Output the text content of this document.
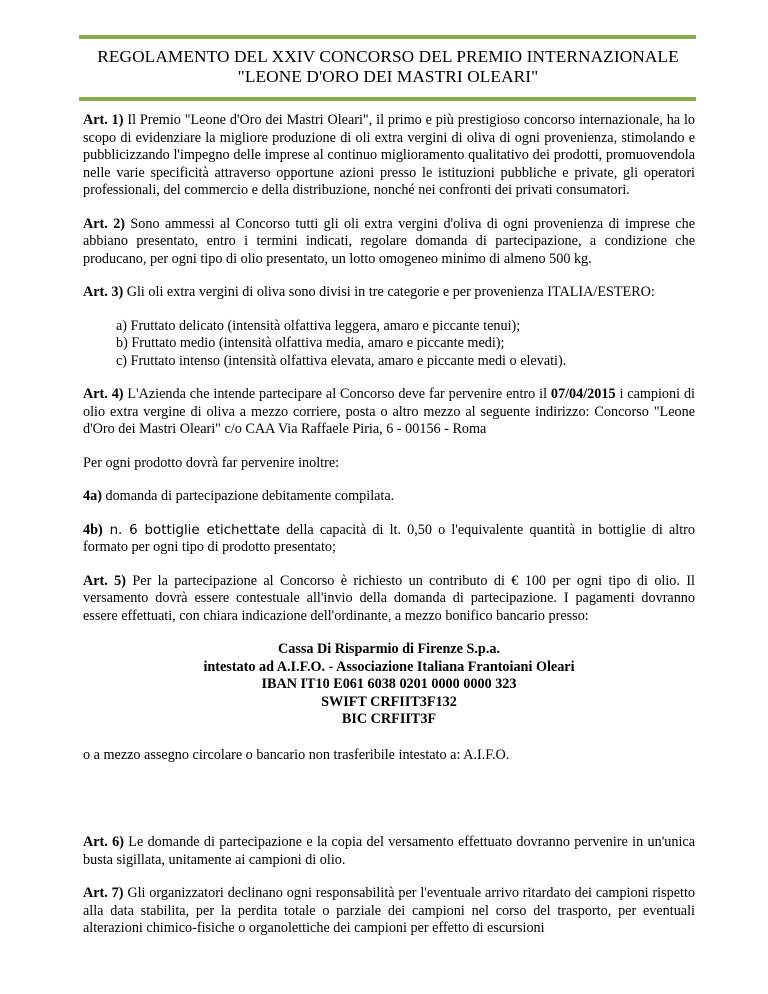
REGOLAMENTO DEL XXIV CONCORSO DEL PREMIO INTERNAZIONALE
"LEONE D'ORO DEI MASTRI OLEARI"

Art. 1) Il Premio "Leone d'Oro dei Mastri Oleari", il primo e più prestigioso concorso internazionale, ha lo scopo di evidenziare la migliore produzione di oli extra vergini di oliva di ogni provenienza, stimolando e pubblicizzando l'impegno delle imprese al continuo miglioramento qualitativo dei prodotti, promuovendola nelle varie specificità attraverso opportune azioni presso le istituzioni pubbliche e private, gli operatori professionali, del commercio e della distribuzione, nonché nei confronti dei privati consumatori.

Art. 2) Sono ammessi al Concorso tutti gli oli extra vergini d'oliva di ogni provenienza di imprese che abbiano presentato, entro i termini indicati, regolare domanda di partecipazione, a condizione che producano, per ogni tipo di olio presentato, un lotto omogeneo minimo di almeno 500 kg.

Art. 3) Gli oli extra vergini di oliva sono divisi in tre categorie e per provenienza ITALIA/ESTERO:

a) Fruttato delicato (intensità olfattiva leggera, amaro e piccante tenui);
b) Fruttato medio (intensità olfattiva media, amaro e piccante medi);
c) Fruttato intenso (intensità olfattiva elevata, amaro e piccante medi o elevati).

Art. 4) L'Azienda che intende partecipare al Concorso deve far pervenire entro il 07/04/2015 i campioni di olio extra vergine di oliva a mezzo corriere, posta o altro mezzo al seguente indirizzo: Concorso "Leone d'Oro dei Mastri Oleari" c/o CAA Via Raffaele Piria, 6 - 00156 - Roma

Per ogni prodotto dovrà far pervenire inoltre:

4a) domanda di partecipazione debitamente compilata.

4b) n. 6 bottiglie etichettate della capacità di lt. 0,50 o l'equivalente quantità in bottiglie di altro formato per ogni tipo di prodotto presentato;

Art. 5) Per la partecipazione al Concorso è richiesto un contributo di € 100 per ogni tipo di olio. Il versamento dovrà essere contestuale all'invio della domanda di partecipazione. I pagamenti dovranno essere effettuati, con chiara indicazione dell'ordinante, a mezzo bonifico bancario presso:

Cassa Di Risparmio di Firenze S.p.a.
intestato ad A.I.F.O. - Associazione Italiana Frantoiani Oleari
IBAN IT10 E061 6038 0201 0000 0000 323
SWIFT CRFIIT3F132
BIC CRFIIT3F

o a mezzo assegno circolare o bancario non trasferibile intestato a: A.I.F.O.

Art. 6) Le domande di partecipazione e la copia del versamento effettuato dovranno pervenire in un'unica busta sigillata, unitamente ai campioni di olio.

Art. 7) Gli organizzatori declinano ogni responsabilità per l'eventuale arrivo ritardato dei campioni rispetto alla data stabilita, per la perdita totale o parziale dei campioni nel corso del trasporto, per eventuali alterazioni chimico-fisiche o organolettiche dei campioni per effetto di escursioni
